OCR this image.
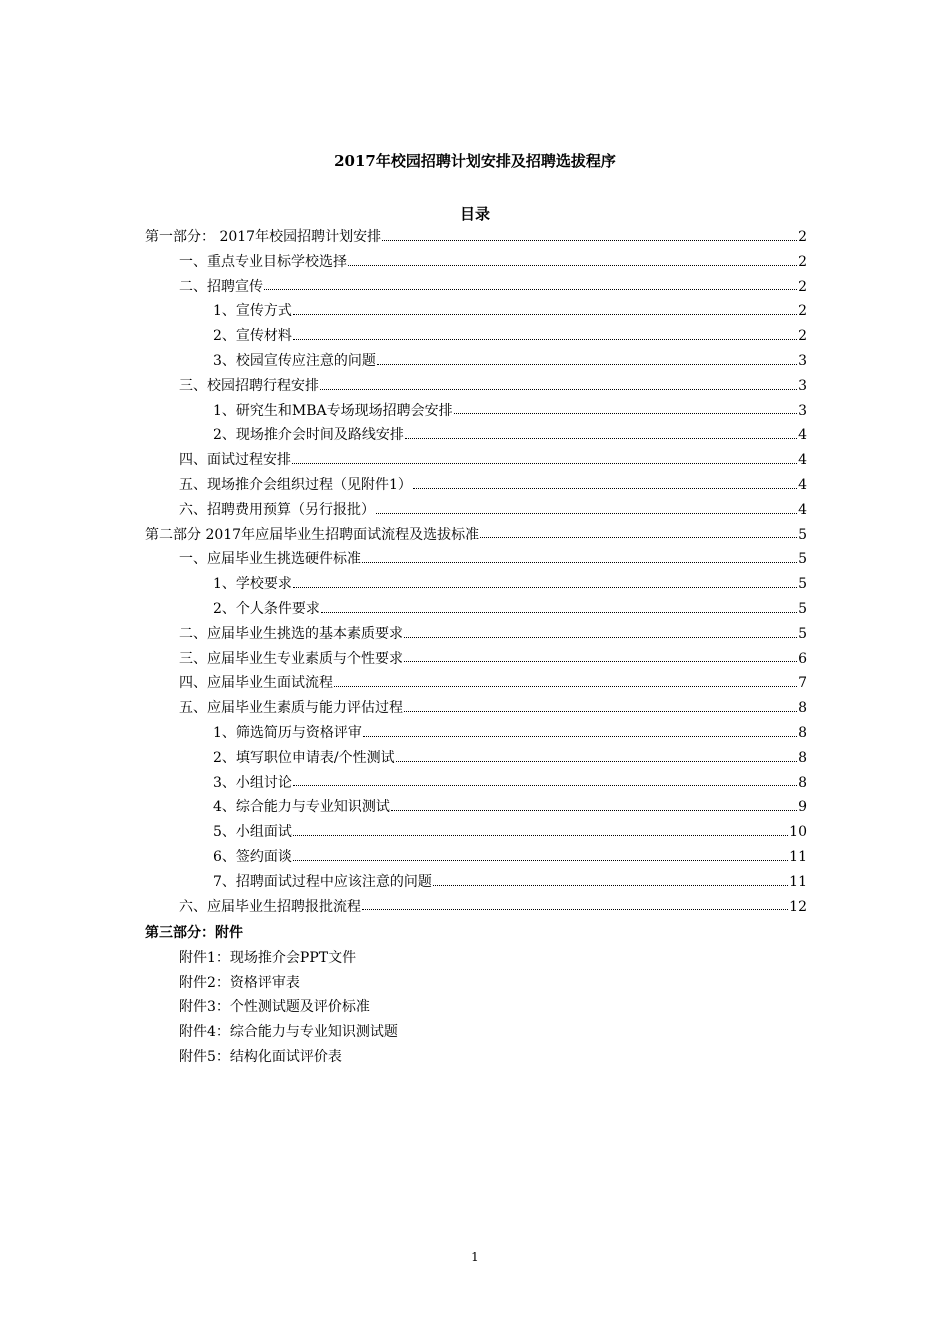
2017年校园招聘计划安排及招聘选拔程序
目录
第一部分： 2017年校园招聘计划安排	2
一、重点专业目标学校选择	2
二、招聘宣传	2
1、宣传方式	2
2、宣传材料	2
3、校园宣传应注意的问题	3
三、校园招聘行程安排	3
1、研究生和MBA专场现场招聘会安排	3
2、现场推介会时间及路线安排	4
四、面试过程安排	4
五、现场推介会组织过程（见附件1）	4
六、招聘费用预算（另行报批）	4
第二部分 2017年应届毕业生招聘面试流程及选拔标准	5
一、应届毕业生挑选硬件标准	5
1、学校要求	5
2、个人条件要求	5
二、应届毕业生挑选的基本素质要求	5
三、应届毕业生专业素质与个性要求	6
四、应届毕业生面试流程	7
五、应届毕业生素质与能力评估过程	8
1、筛选简历与资格评审	8
2、填写职位申请表/个性测试	8
3、小组讨论	8
4、综合能力与专业知识测试	9
5、小组面试	10
6、签约面谈	11
7、招聘面试过程中应该注意的问题	11
六、应届毕业生招聘报批流程	12
第三部分：附件
附件1：现场推介会PPT文件
附件2：资格评审表
附件3：个性测试题及评价标准
附件4：综合能力与专业知识测试题
附件5：结构化面试评价表
1
